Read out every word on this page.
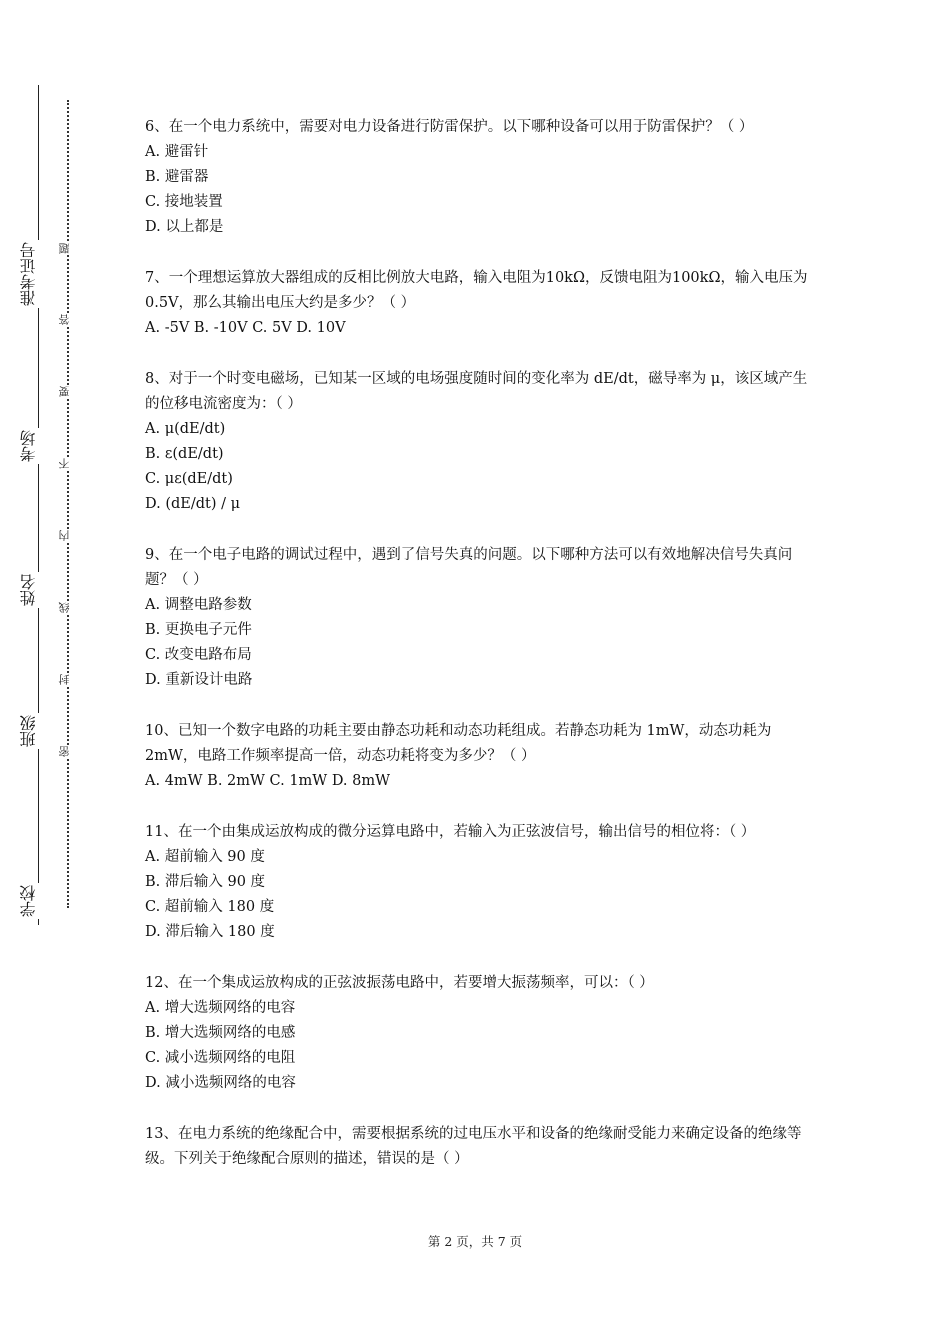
准考证号
考场
姓名
班级
学校
题
答
要
不
内
线
封
密

6、在一个电力系统中，需要对电力设备进行防雷保护。以下哪种设备可以用于防雷保护？（ ）

A. 避雷针

B. 避雷器

C. 接地装置

D. 以上都是

7、一个理想运算放大器组成的反相比例放大电路，输入电阻为10kΩ，反馈电阻为100kΩ，输入电压为0.5V，那么其输出电压大约是多少？（ ）

A. -5V B. -10V C. 5V D. 10V

8、对于一个时变电磁场，已知某一区域的电场强度随时间的变化率为 dE/dt，磁导率为 μ，该区域产生的位移电流密度为：（ ）

A. μ(dE/dt)

B. ε(dE/dt)

C. με(dE/dt)

D. (dE/dt) / μ

9、在一个电子电路的调试过程中，遇到了信号失真的问题。以下哪种方法可以有效地解决信号失真问题？（ ）

A. 调整电路参数

B. 更换电子元件

C. 改变电路布局

D. 重新设计电路

10、已知一个数字电路的功耗主要由静态功耗和动态功耗组成。若静态功耗为 1mW，动态功耗为 2mW，电路工作频率提高一倍，动态功耗将变为多少？（ ）

A. 4mW B. 2mW C. 1mW D. 8mW

11、在一个由集成运放构成的微分运算电路中，若输入为正弦波信号，输出信号的相位将：（ ）

A. 超前输入 90 度

B. 滞后输入 90 度

C. 超前输入 180 度

D. 滞后输入 180 度

12、在一个集成运放构成的正弦波振荡电路中，若要增大振荡频率，可以：（ ）

A. 增大选频网络的电容

B. 增大选频网络的电感

C. 减小选频网络的电阻

D. 减小选频网络的电容

13、在电力系统的绝缘配合中，需要根据系统的过电压水平和设备的绝缘耐受能力来确定设备的绝缘等级。下列关于绝缘配合原则的描述，错误的是（ ）

第 2 页，共 7 页
